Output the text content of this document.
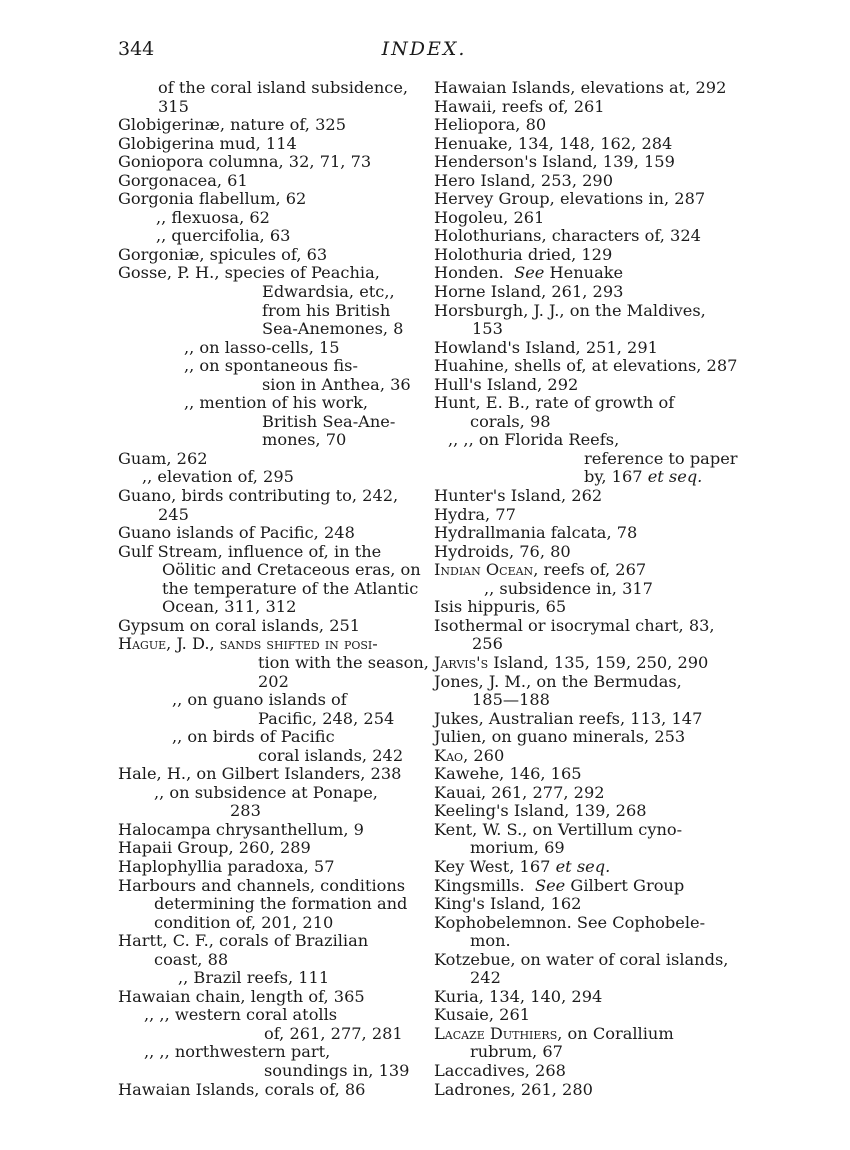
344	INDEX.
of the coral island subsidence,
315
Globigerinæ, nature of, 325
Globigerina mud, 114
Goniopora columna, 32, 71, 73
Gorgonacea, 61
Gorgonia flabellum, 62
,, flexuosa, 62
,, quercifolia, 63
Gorgoniæ, spicules of, 63
Gosse, P. H., species of Peachia,
Edwardsia, etc,,
from his British
Sea-Anemones, 8
,, on lasso-cells, 15
,, on spontaneous fis-
sion in Anthea, 36
,, mention of his work,
British Sea-Ane-
mones, 70
Guam, 262
,, elevation of, 295
Guano, birds contributing to, 242,
245
Guano islands of Pacific, 248
Gulf Stream, influence of, in the
Oölitic and Cretaceous eras, on
the temperature of the Atlantic
Ocean, 311, 312
Gypsum on coral islands, 251
Hague, J. D., sands shifted in posi-
tion with the season,
202
,, on guano islands of
Pacific, 248, 254
,, on birds of Pacific
coral islands, 242
Hale, H., on Gilbert Islanders, 238
,, on subsidence at Ponape,
283
Halocampa chrysanthellum, 9
Hapaii Group, 260, 289
Haplophyllia paradoxa, 57
Harbours and channels, conditions
determining the formation and
condition of, 201, 210
Hartt, C. F., corals of Brazilian
coast, 88
,, Brazil reefs, 111
Hawaian chain, length of, 365
,, ,, western coral atolls
of, 261, 277, 281
,, ,, northwestern part,
soundings in, 139
Hawaian Islands, corals of, 86
Hawaian Islands, elevations at, 292
Hawaii, reefs of, 261
Heliopora, 80
Henuake, 134, 148, 162, 284
Henderson's Island, 139, 159
Hero Island, 253, 290
Hervey Group, elevations in, 287
Hogoleu, 261
Holothurians, characters of, 324
Holothuria dried, 129
Honden. See Henuake
Horne Island, 261, 293
Horsburgh, J. J., on the Maldives,
153
Howland's Island, 251, 291
Huahine, shells of, at elevations, 287
Hull's Island, 292
Hunt, E. B., rate of growth of
corals, 98
,, ,, on Florida Reefs,
reference to paper
by, 167 et seq.
Hunter's Island, 262
Hydra, 77
Hydrallmania falcata, 78
Hydroids, 76, 80
Indian Ocean, reefs of, 267
,, subsidence in, 317
Isis hippuris, 65
Isothermal or isocrymal chart, 83,
256
Jarvis's Island, 135, 159, 250, 290
Jones, J. M., on the Bermudas,
185—188
Jukes, Australian reefs, 113, 147
Julien, on guano minerals, 253
Kao, 260
Kawehe, 146, 165
Kauai, 261, 277, 292
Keeling's Island, 139, 268
Kent, W. S., on Vertillum cyno-
morium, 69
Key West, 167 et seq.
Kingsmills. See Gilbert Group
King's Island, 162
Kophobelemnon. See Cophobele-
mon.
Kotzebue, on water of coral islands,
242
Kuria, 134, 140, 294
Kusaie, 261
Lacaze Duthiers, on Corallium
rubrum, 67
Laccadives, 268
Ladrones, 261, 280
